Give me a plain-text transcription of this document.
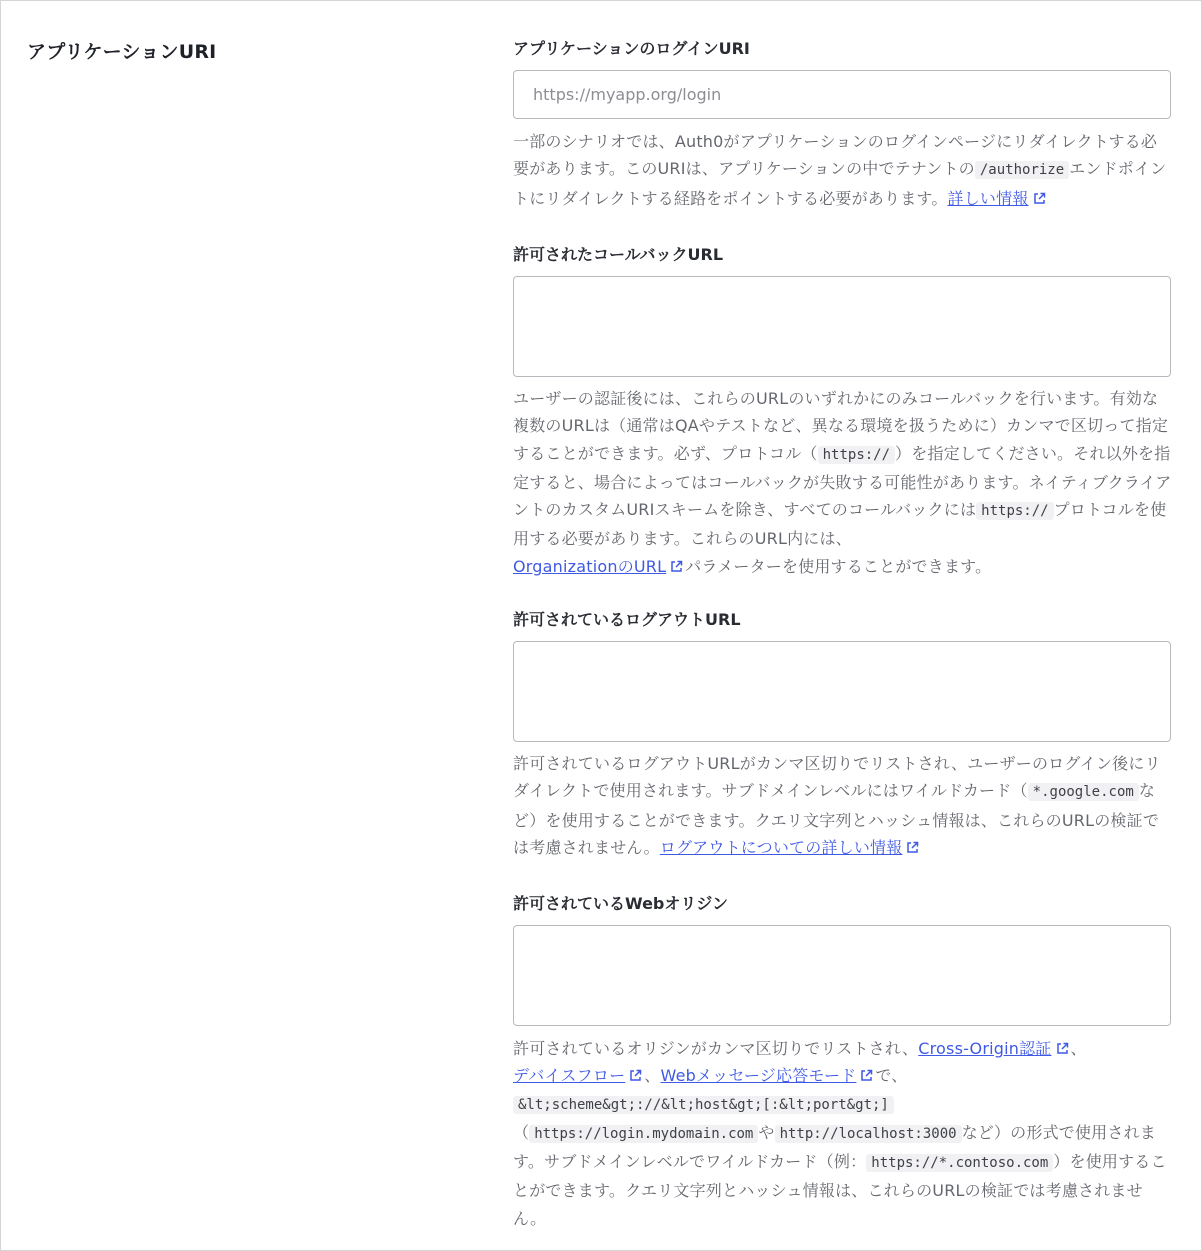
アプリケーションURI	アプリケーションのログインURI
https://myapp.org/login
一部のシナリオでは、Auth0がアプリケーションのログインページにリダイレクトする必要があります。このURIは、アプリケーションの中でテナントの /authorize エンドポイントにリダイレクトする経路をポイントする必要があります。詳しい情報
許可されたコールバックURL
ユーザーの認証後には、これらのURLのいずれかにのみコールバックを行います。有効な複数のURLは（通常はQAやテストなど、異なる環境を扱うために）カンマで区切って指定することができます。必ず、プロトコル（ https:// ）を指定してください。それ以外を指定すると、場合によってはコールバックが失敗する可能性があります。ネイティブクライアントのカスタムURIスキームを除き、すべてのコールバックには https:// プロトコルを使用する必要があります。これらのURL内には、
OrganizationのURL パラメーターを使用することができます。
許可されているログアウトURL
許可されているログアウトURLがカンマ区切りでリストされ、ユーザーのログイン後にリダイレクトで使用されます。サブドメインレベルにはワイルドカード（ *.google.com など）を使用することができます。クエリ文字列とハッシュ情報は、これらのURLの検証では考慮されません。ログアウトについての詳しい情報
許可されているWebオリジン
許可されているオリジンがカンマ区切りでリストされ、Cross-Origin認証 、
デバイスフロー 、Webメッセージ応答モード で、
&lt;scheme&gt;://&lt;host&gt;[:&lt;port&gt;]
（ https://login.mydomain.com や http://localhost:3000 など）の形式で使用されます。サブドメインレベルでワイルドカード（例： https://*.contoso.com ）を使用することができます。クエリ文字列とハッシュ情報は、これらのURLの検証では考慮されません。
